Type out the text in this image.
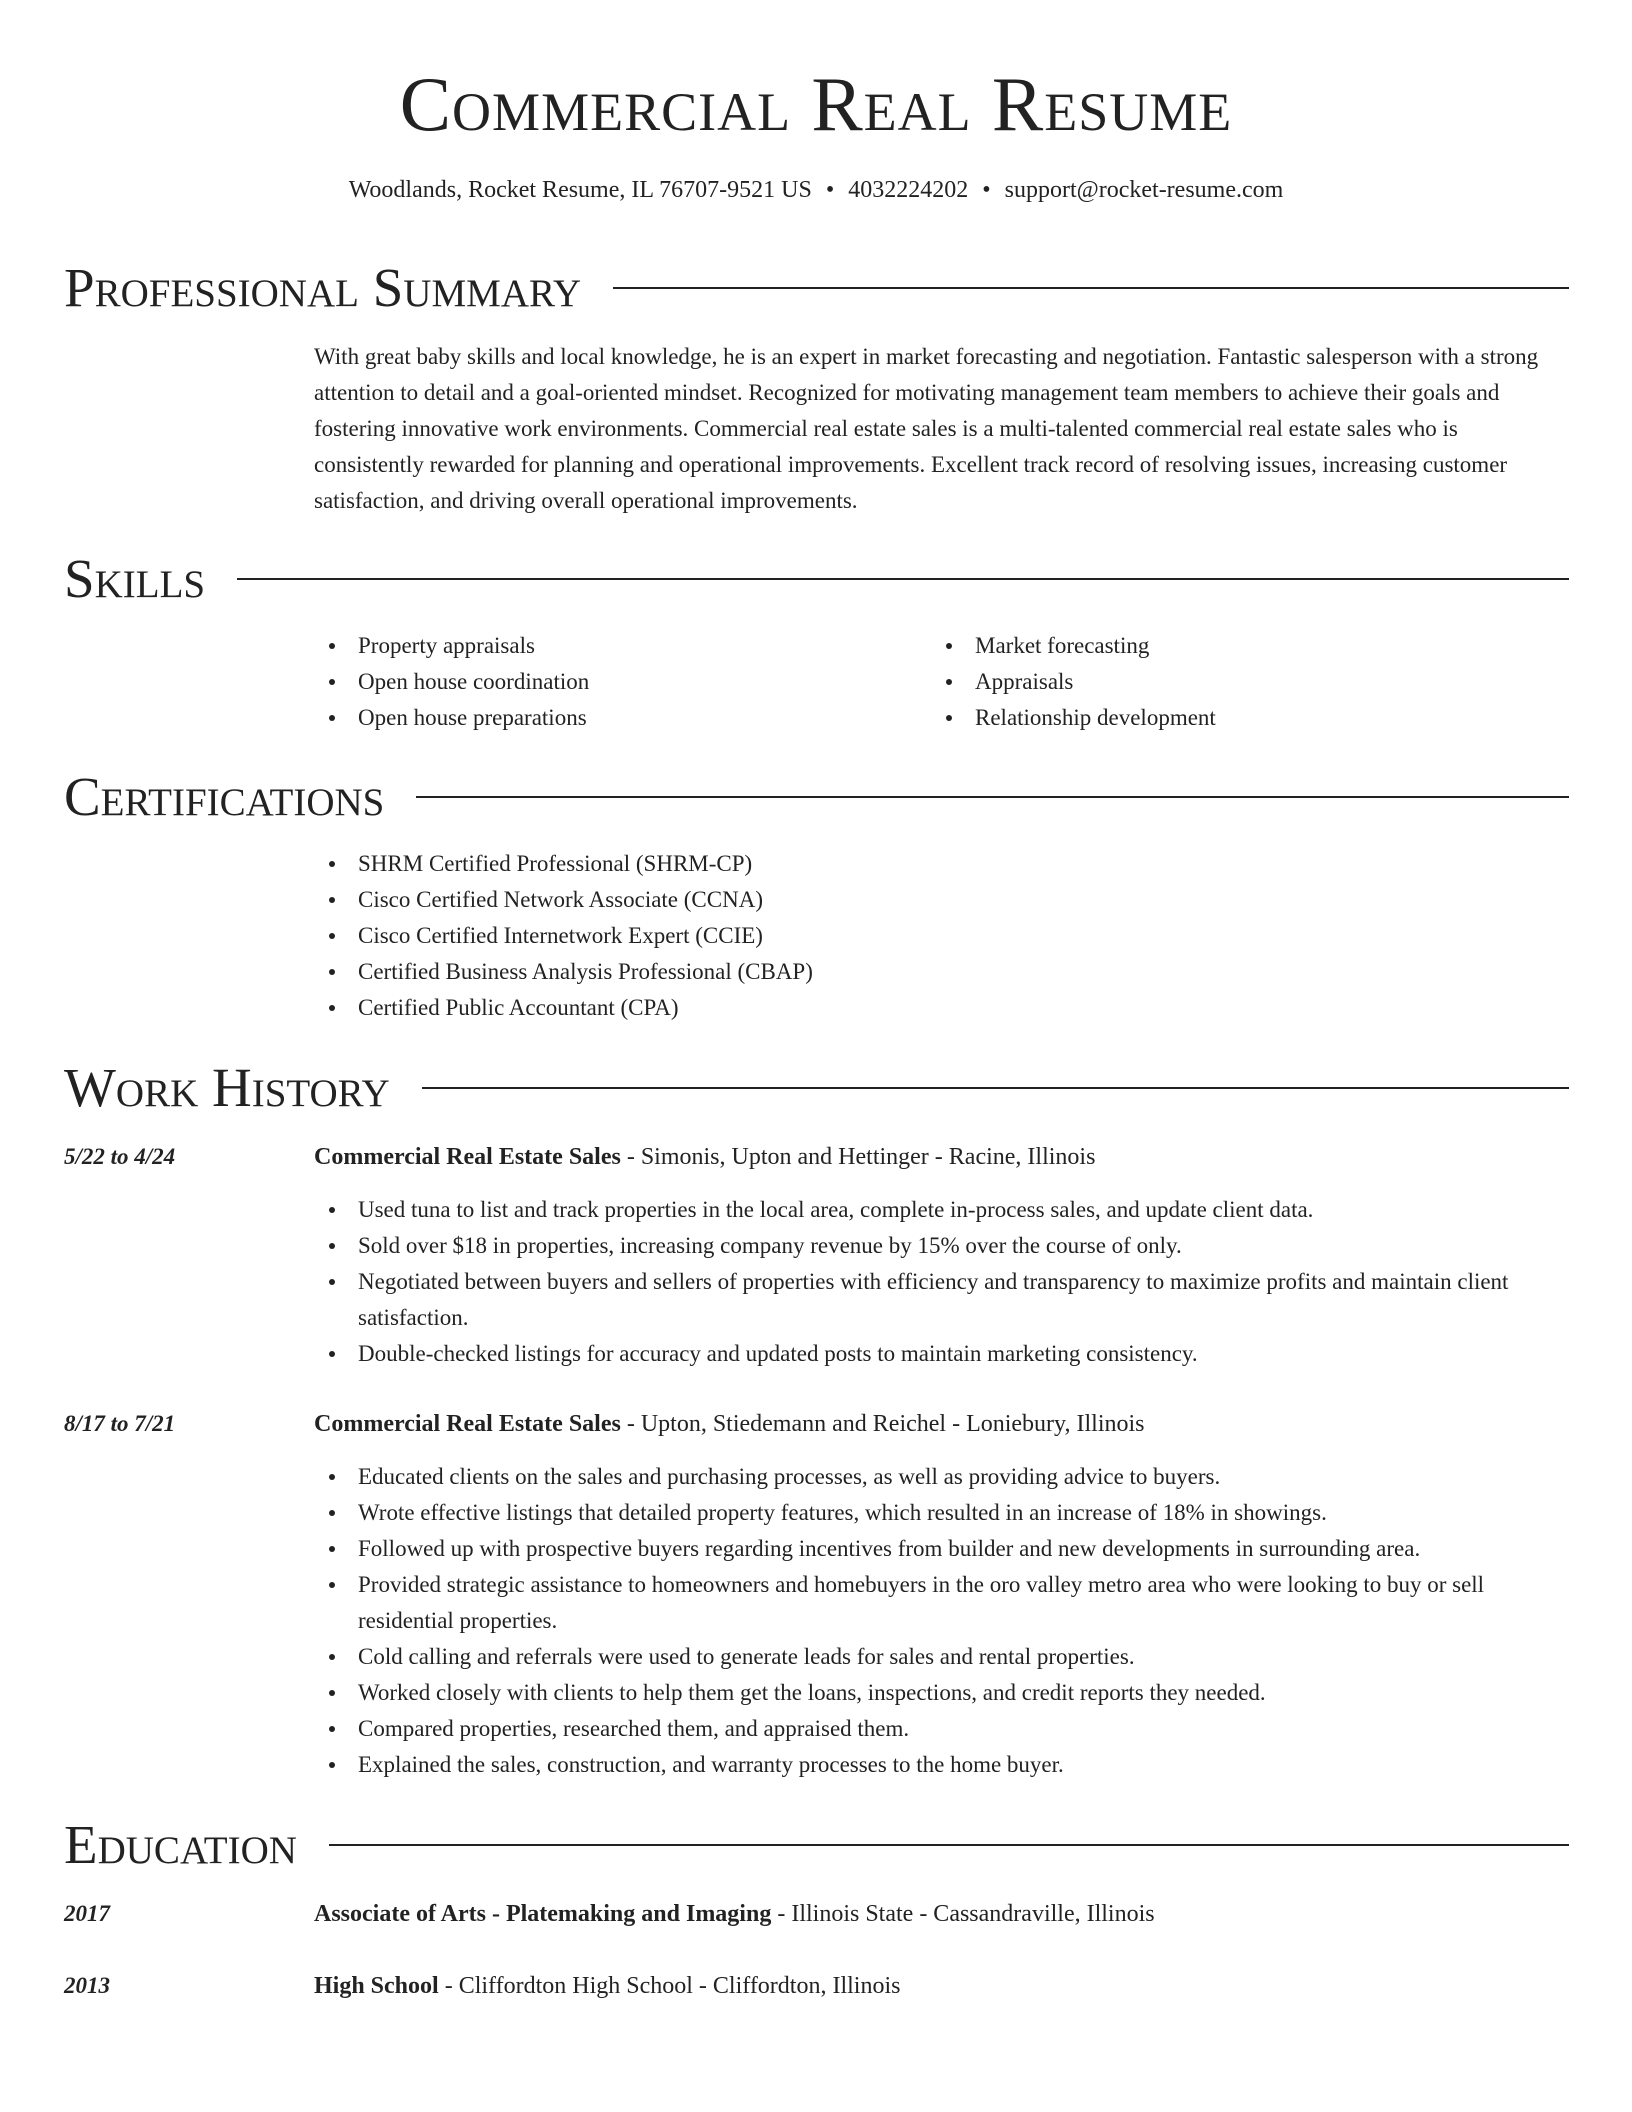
Commercial Real Resume
Woodlands, Rocket Resume, IL 76707-9521 US • 4032224202 • support@rocket-resume.com
Professional Summary
With great baby skills and local knowledge, he is an expert in market forecasting and negotiation. Fantastic salesperson with a strong attention to detail and a goal-oriented mindset. Recognized for motivating management team members to achieve their goals and fostering innovative work environments. Commercial real estate sales is a multi-talented commercial real estate sales who is consistently rewarded for planning and operational improvements. Excellent track record of resolving issues, increasing customer satisfaction, and driving overall operational improvements.
Skills
Property appraisals
Open house coordination
Open house preparations
Market forecasting
Appraisals
Relationship development
Certifications
SHRM Certified Professional (SHRM-CP)
Cisco Certified Network Associate (CCNA)
Cisco Certified Internetwork Expert (CCIE)
Certified Business Analysis Professional (CBAP)
Certified Public Accountant (CPA)
Work History
5/22 to 4/24	Commercial Real Estate Sales - Simonis, Upton and Hettinger - Racine, Illinois
Used tuna to list and track properties in the local area, complete in-process sales, and update client data.
Sold over $18 in properties, increasing company revenue by 15% over the course of only.
Negotiated between buyers and sellers of properties with efficiency and transparency to maximize profits and maintain client satisfaction.
Double-checked listings for accuracy and updated posts to maintain marketing consistency.
8/17 to 7/21	Commercial Real Estate Sales - Upton, Stiedemann and Reichel - Loniebury, Illinois
Educated clients on the sales and purchasing processes, as well as providing advice to buyers.
Wrote effective listings that detailed property features, which resulted in an increase of 18% in showings.
Followed up with prospective buyers regarding incentives from builder and new developments in surrounding area.
Provided strategic assistance to homeowners and homebuyers in the oro valley metro area who were looking to buy or sell residential properties.
Cold calling and referrals were used to generate leads for sales and rental properties.
Worked closely with clients to help them get the loans, inspections, and credit reports they needed.
Compared properties, researched them, and appraised them.
Explained the sales, construction, and warranty processes to the home buyer.
Education
2017	Associate of Arts - Platemaking and Imaging - Illinois State - Cassandraville, Illinois
2013	High School - Cliffordton High School - Cliffordton, Illinois
